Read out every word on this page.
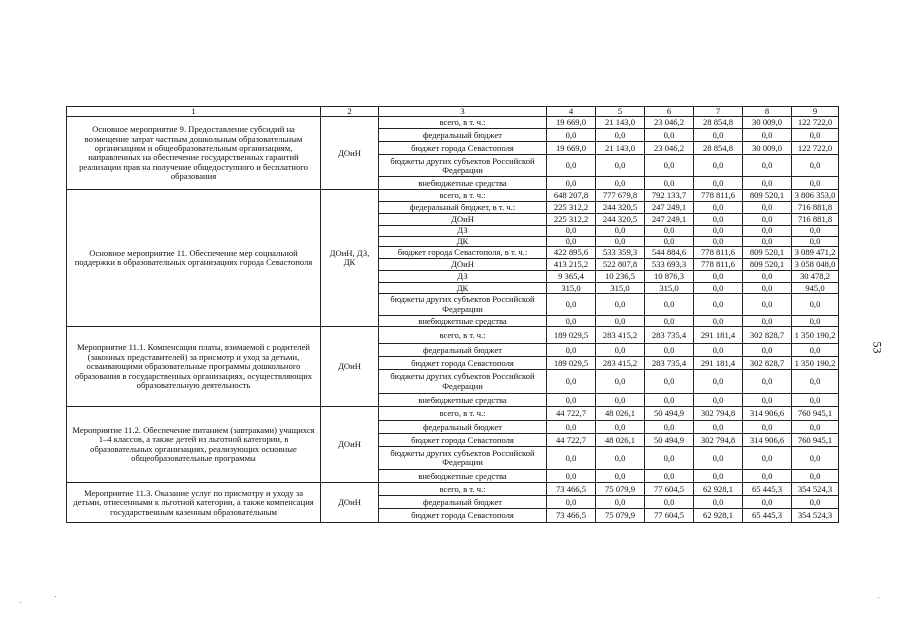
1	2	3	4	5	6	7	8	9
Основное мероприятие 9. Предоставление субсидий на возмещение затрат частным дошкольным образовательным организациям и общеобразовательным организациям, направленных на обеспечение государственных гарантий реализации прав на получение общедоступного и бесплатного образования	ДОиН	всего, в т. ч.:	19 669,0	21 143,0	23 046,2	28 854,8	30 009,0	122 722,0
		федеральный бюджет	0,0	0,0	0,0	0,0	0,0	0,0
		бюджет города Севастополя	19 669,0	21 143,0	23 046,2	28 854,8	30 009,0	122 722,0
		бюджеты других субъектов Российской Федерации	0,0	0,0	0,0	0,0	0,0	0,0
		внебюджетные средства	0,0	0,0	0,0	0,0	0,0	0,0
Основное мероприятие 11. Обеспечение мер социальной поддержки в образовательных организациях города Севастополя	ДОиН, ДЗ, ДК	всего, в т. ч.:	648 207,8	777 679,8	792 133,7	778 811,6	809 520,1	3 806 353,0
		федеральный бюджет, в т. ч.:	225 312,2	244 320,5	247 249,1	0,0	0,0	716 881,8
		ДОиН	225 312,2	244 320,5	247 249,1	0,0	0,0	716 881,8
		ДЗ	0,0	0,0	0,0	0,0	0,0	0,0
		ДК	0,0	0,0	0,0	0,0	0,0	0,0
		бюджет города Севастополя, в т. ч.:	422 895,6	533 359,3	544 884,6	778 811,6	809 520,1	3 089 471,2
		ДОиН	413 215,2	522 807,8	533 693,3	778 811,6	809 520,1	3 058 048,0
		ДЗ	9 365,4	10 236,5	10 876,3	0,0	0,0	30 478,2
		ДК	315,0	315,0	315,0	0,0	0,0	945,0
		бюджеты других субъектов Российской Федерации	0,0	0,0	0,0	0,0	0,0	0,0
		внебюджетные средства	0,0	0,0	0,0	0,0	0,0	0,0
Мероприятие 11.1. Компенсация платы, взимаемой с родителей (законных представителей) за присмотр и уход за детьми, осваивающими образовательные программы дошкольного образования в государственных организациях, осуществляющих образовательную деятельность	ДОиН	всего, в т. ч.:	189 029,5	283 415,2	283 735,4	291 181,4	302 828,7	1 350 190,2
		федеральный бюджет	0,0	0,0	0,0	0,0	0,0	0,0
		бюджет города Севастополя	189 029,5	283 415,2	283 735,4	291 181,4	302 828,7	1 350 190,2
		бюджеты других субъектов Российской Федерации	0,0	0,0	0,0	0,0	0,0	0,0
		внебюджетные средства	0,0	0,0	0,0	0,0	0,0	0,0
Мероприятие 11.2. Обеспечение питанием (завтраками) учащихся 1–4 классов, а также детей из льготной категории, в образовательных организациях, реализующих основные общеобразовательные программы	ДОиН	всего, в т. ч.:	44 722,7	48 026,1	50 494,9	302 794,8	314 906,6	760 945,1
		федеральный бюджет	0,0	0,0	0,0	0,0	0,0	0,0
		бюджет города Севастополя	44 722,7	48 026,1	50 494,9	302 794,8	314 906,6	760 945,1
		бюджеты других субъектов Российской Федерации	0,0	0,0	0,0	0,0	0,0	0,0
		внебюджетные средства	0,0	0,0	0,0	0,0	0,0	0,0
Мероприятие 11.3. Оказание услуг по присмотру и уходу за детьми, отнесенными к льготной категории, а также компенсация государственным казенным образовательным	ДОиН	всего, в т. ч.:	73 466,5	75 079,9	77 604,5	62 928,1	65 445,3	354 524,3
		федеральный бюджет	0,0	0,0	0,0	0,0	0,0	0,0
		бюджет города Севастополя	73 466,5	75 079,9	77 604,5	62 928,1	65 445,3	354 524,3
53
